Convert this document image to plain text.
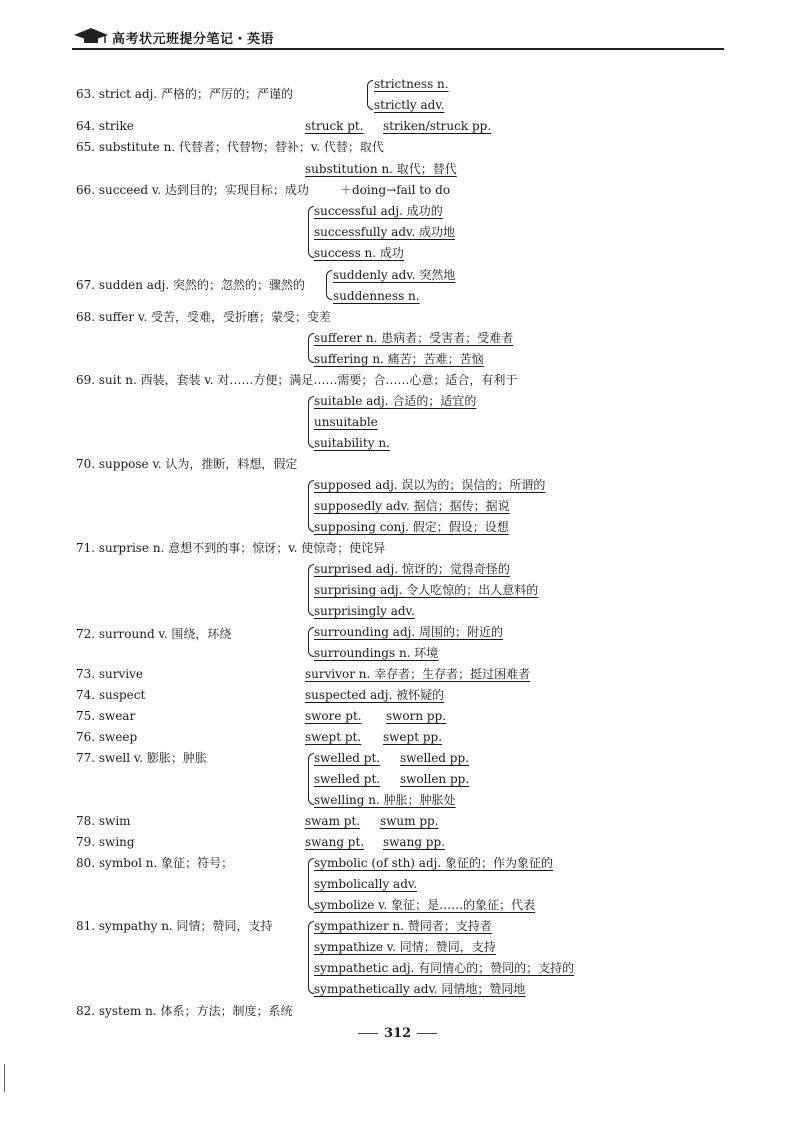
高考状元班提分笔记・英语
63. strict adj. 严格的；严厉的；严谨的
strictness n.
strictly adv.
64. strike	struck pt. striken/struck pp.
65. substitute n. 代替者；代替物；替补；v. 代替；取代
substitution n. 取代；替代
66. succeed v. 达到目的；实现目标；成功	＋doing→fail to do
successful adj. 成功的
successfully adv. 成功地
success n. 成功
67. sudden adj. 突然的；忽然的；骤然的
suddenly adv. 突然地
suddenness n.
68. suffer v. 受苦，受难，受折磨；蒙受；变差
sufferer n. 患病者；受害者；受难者
suffering n. 痛苦；苦难；苦恼
69. suit n. 西装，套装 v. 对……方便；满足……需要；合……心意；适合，有利于
suitable adj. 合适的；适宜的
unsuitable
suitability n.
70. suppose v. 认为，推断，料想，假定
supposed adj. 误以为的；误信的；所谓的
supposedly adv. 据信；据传；据说
supposing conj. 假定；假设；设想
71. surprise n. 意想不到的事；惊讶；v. 使惊奇；使诧异
surprised adj. 惊讶的；觉得奇怪的
surprising adj. 令人吃惊的；出人意料的
surprisingly adv.
72. surround v. 围绕，环绕	surrounding adj. 周围的；附近的
surroundings n. 环境
73. survive	survivor n. 幸存者；生存者；挺过困难者
74. suspect	suspected adj. 被怀疑的
75. swear	swore pt. sworn pp.
76. sweep	swept pt. swept pp.
77. swell v. 膨胀；肿胀	swelled pt. swelled pp.
swelled pt. swollen pp.
swelling n. 肿胀；肿胀处
78. swim	swam pt. swum pp.
79. swing	swang pt. swang pp.
80. symbol n. 象征；符号；	symbolic (of sth) adj. 象征的；作为象征的
symbolically adv.
symbolize v. 象征；是……的象征；代表
81. sympathy n. 同情；赞同，支持	sympathizer n. 赞同者；支持者
sympathize v. 同情；赞同，支持
sympathetic adj. 有同情心的；赞同的；支持的
sympathetically adv. 同情地；赞同地
82. system n. 体系；方法；制度；系统
312
